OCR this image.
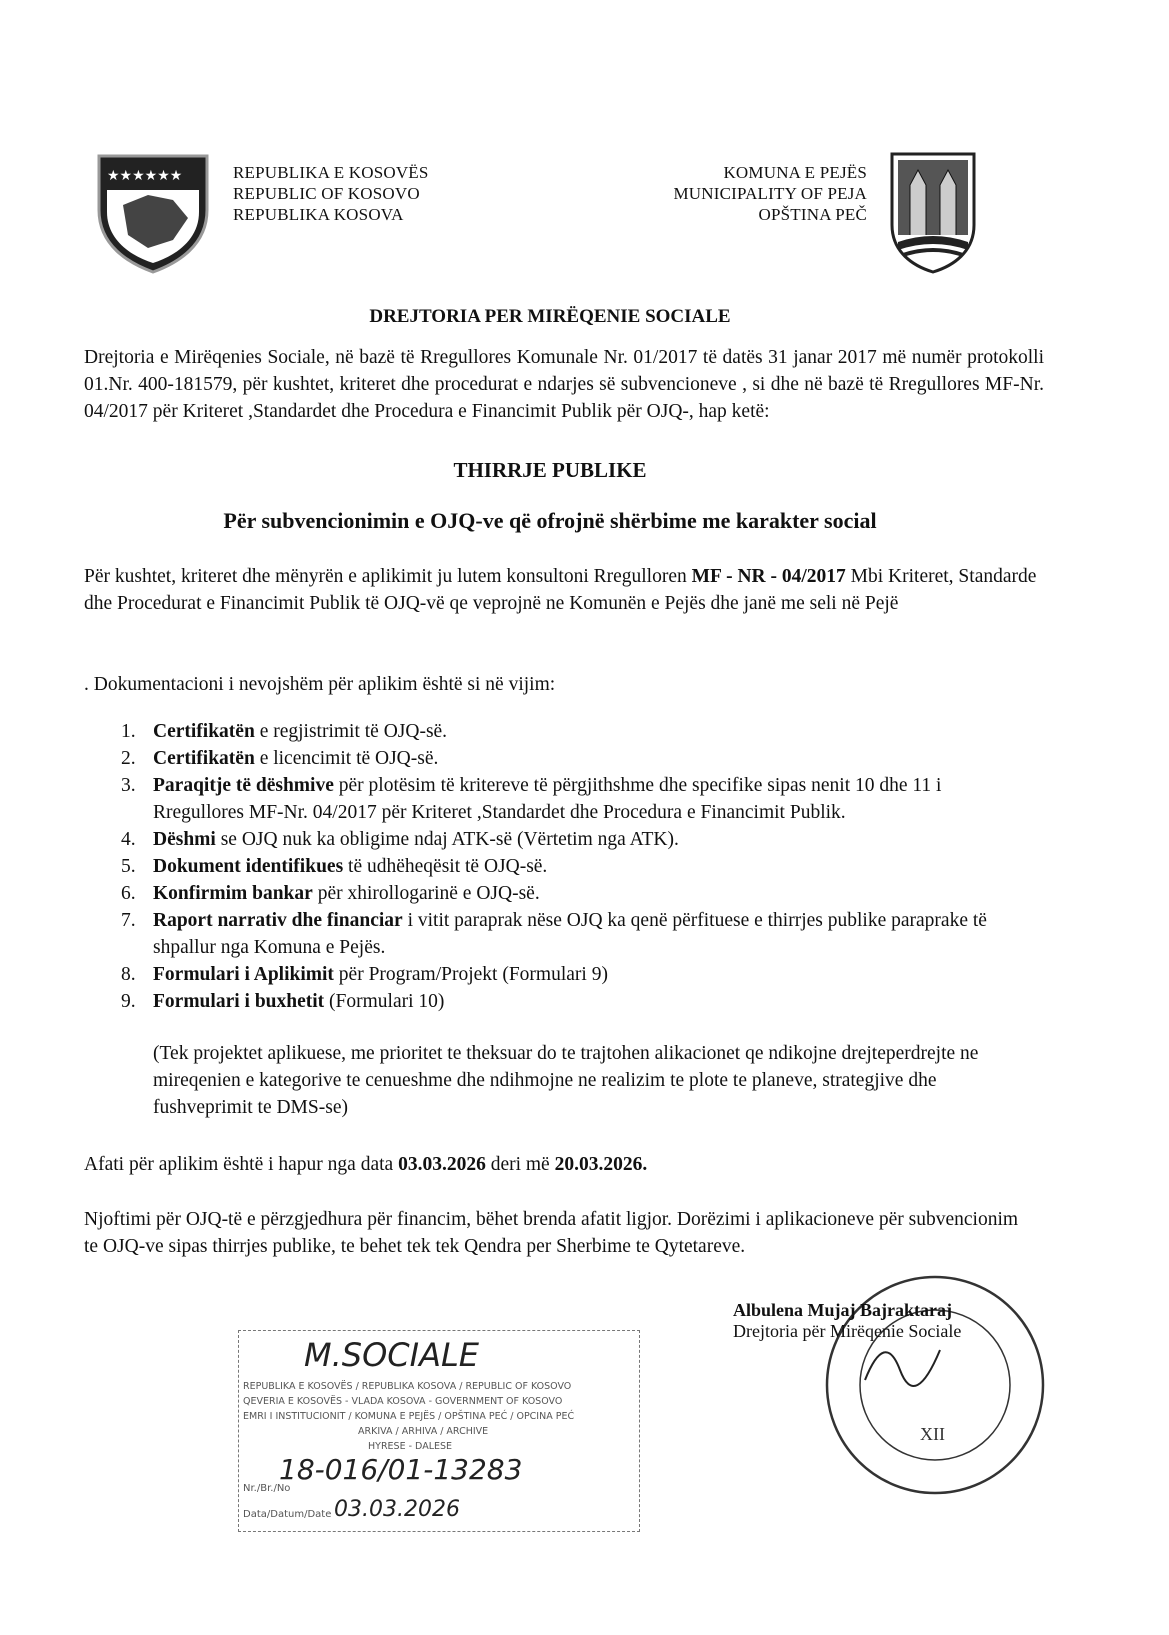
★★★★★★	REPUBLIKA E KOSOVËS
REPUBLIC OF KOSOVO
REPUBLIKA KOSOVA
KOMUNA E PEJËS
MUNICIPALITY OF PEJA
OPŠTINA PEČ
DREJTORIA PER MIRËQENIE SOCIALE
Drejtoria e Mirëqenies Sociale, në bazë të Rregullores Komunale Nr. 01/2017 të datës 31 janar 2017 më numër protokolli 01.Nr. 400-181579, për kushtet, kriteret dhe procedurat e ndarjes së subvencioneve , si dhe në bazë të Rregullores MF-Nr. 04/2017 për Kriteret ,Standardet dhe Procedura e Financimit Publik për OJQ-, hap ketë:
THIRRJE PUBLIKE
Për subvencionimin e OJQ-ve që ofrojnë shërbime me karakter social
Për kushtet, kriteret dhe mënyrën e aplikimit ju lutem konsultoni Rregulloren MF - NR - 04/2017 Mbi Kriteret, Standarde dhe Procedurat e Financimit Publik të OJQ-vë qe veprojnë ne Komunën e Pejës dhe janë me seli në Pejë
. Dokumentacioni i nevojshëm për aplikim është si në vijim:
1. Certifikatën e regjistrimit të OJQ-së.
2. Certifikatën e licencimit të OJQ-së.
3. Paraqitje të dëshmive për plotësim të kritereve të përgjithshme dhe specifike sipas nenit 10 dhe 11 i Rregullores MF-Nr. 04/2017 për Kriteret ,Standardet dhe Procedura e Financimit Publik.
4. Dëshmi se OJQ nuk ka obligime ndaj ATK-së (Vërtetim nga ATK).
5. Dokument identifikues të udhëheqësit të OJQ-së.
6. Konfirmim bankar për xhirollogarinë e OJQ-së.
7. Raport narrativ dhe financiar i vitit paraprak nëse OJQ ka qenë përfituese e thirrjes publike paraprake të shpallur nga Komuna e Pejës.
8. Formulari i Aplikimit për Program/Projekt (Formulari 9)
9. Formulari i buxhetit (Formulari 10)
(Tek projektet aplikuese, me prioritet te theksuar do te trajtohen alikacionet qe ndikojne drejteperdrejte ne mireqenien e kategorive te cenueshme dhe ndihmojne ne realizim te plote te planeve, strategjive dhe fushveprimit te DMS-se)
Afati për aplikim është i hapur nga data 03.03.2026 deri më 20.03.2026.
Njoftimi për OJQ-të e përzgjedhura për financim, bëhet brenda afatit ligjor. Dorëzimi i aplikacioneve për subvencionim te OJQ-ve sipas thirrjes publike, te behet tek tek Qendra per Sherbime te Qytetareve.
XII
Albulena Mujaj Bajraktaraj
Drejtoria për Mirëqenie Sociale
M.SOCIALE
REPUBLIKA E KOSOVËS / REPUBLIKA KOSOVA / REPUBLIC OF KOSOVO
QEVERIA E KOSOVËS - VLADA KOSOVA - GOVERNMENT OF KOSOVO
EMRI I INSTITUCIONIT / KOMUNA E PEJËS / OPŠTINA PEĆ / OPCINA PEĆ
ARKIVA / ARHIVA / ARCHIVE
HYRESE - DALESE
Nr./Br./No
18-016/01-13283
Data/Datum/Date 03.03.2026
